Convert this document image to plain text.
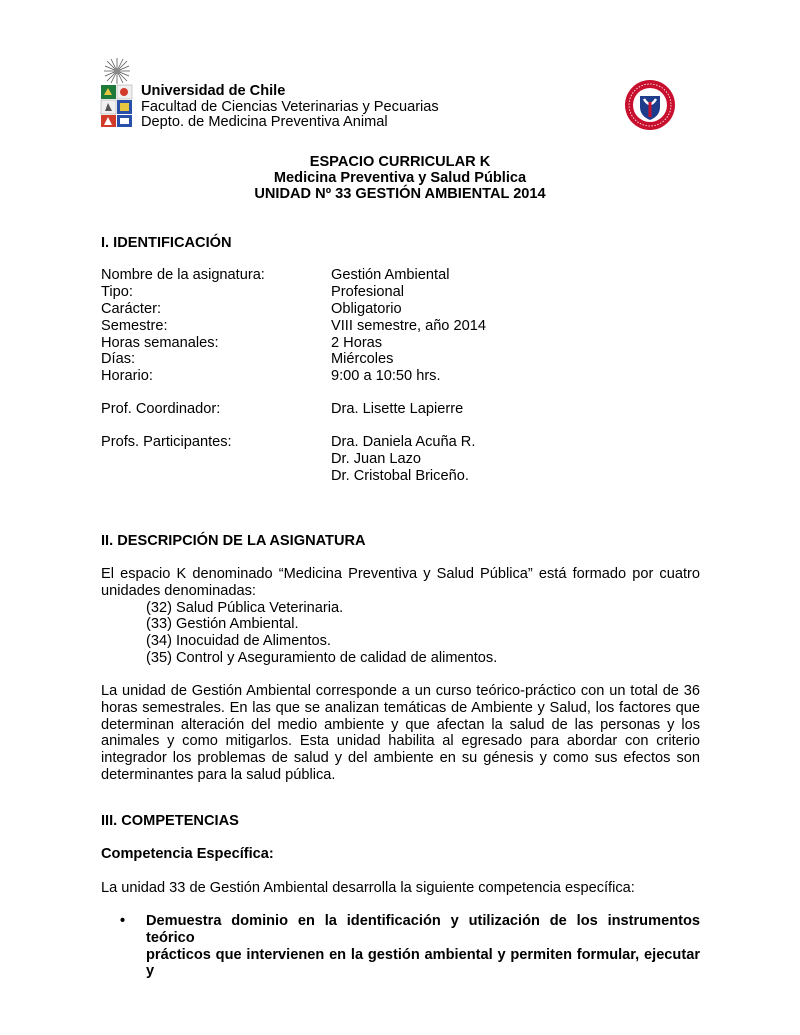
Universidad de Chile
Facultad de Ciencias Veterinarias y Pecuarias
Depto. de Medicina Preventiva Animal
ESPACIO CURRICULAR K
Medicina Preventiva y Salud Pública
UNIDAD Nº 33 GESTIÓN AMBIENTAL 2014
I. IDENTIFICACIÓN
Nombre de la asignatura:	Gestión Ambiental
Tipo:	Profesional
Carácter:	Obligatorio
Semestre:	VIII semestre, año 2014
Horas semanales:	2 Horas
Días:	Miércoles
Horario:	9:00 a 10:50 hrs.
Prof. Coordinador:	Dra. Lisette Lapierre
Profs. Participantes:	Dra. Daniela Acuña R.
Dr. Juan Lazo
Dr. Cristobal Briceño.
II. DESCRIPCIÓN DE LA ASIGNATURA
El espacio K denominado “Medicina Preventiva y Salud Pública” está formado por cuatro
unidades denominadas:
(32) Salud Pública Veterinaria.
(33) Gestión Ambiental.
(34) Inocuidad de Alimentos.
(35) Control y Aseguramiento de calidad de alimentos.
La unidad de Gestión Ambiental corresponde a un curso teórico-práctico con un total de 36
horas semestrales. En las que se analizan temáticas de Ambiente y Salud, los factores que
determinan alteración del medio ambiente y que afectan la salud de las personas y los
animales y como mitigarlos. Esta unidad habilita al egresado para abordar con criterio
integrador los problemas de salud y del ambiente en su génesis y como sus efectos son
determinantes para la salud pública.
III. COMPETENCIAS
Competencia Específica:
La unidad 33 de Gestión Ambiental desarrolla la siguiente competencia específica:
• Demuestra dominio en la identificación y utilización de los instrumentos teórico
prácticos que intervienen en la gestión ambiental y permiten formular, ejecutar y
